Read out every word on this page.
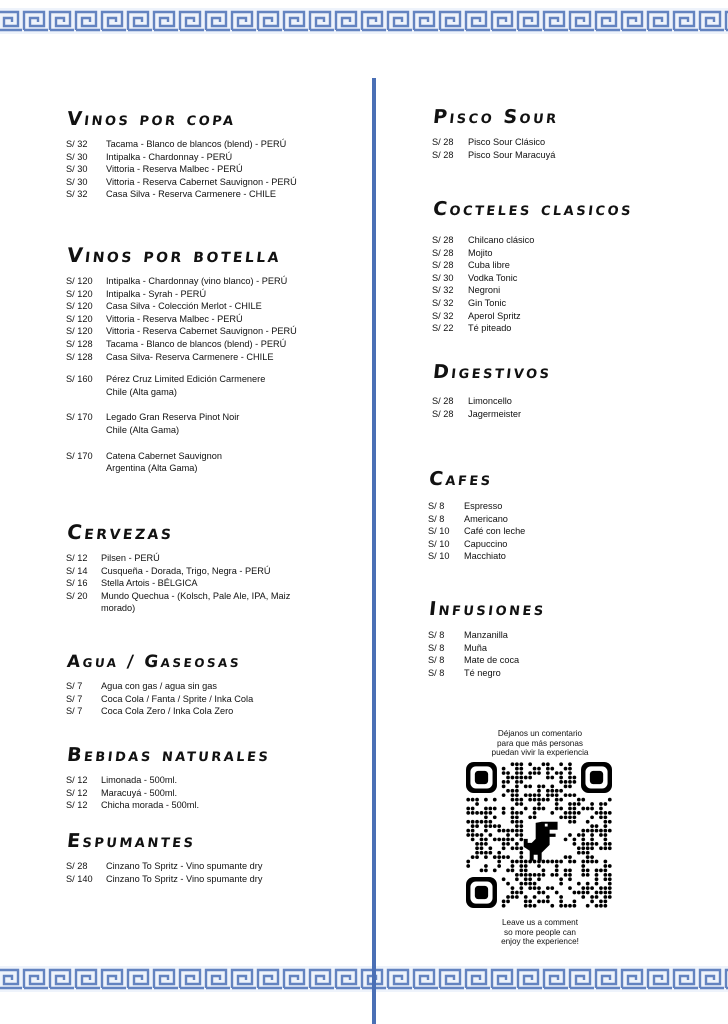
Vinos por copa
S/ 32	Tacama - Blanco de blancos (blend) - PERÚ
S/ 30	Intipalka - Chardonnay - PERÚ
S/ 30	Vittoria - Reserva Malbec - PERÚ
S/ 30	Vittoria - Reserva Cabernet Sauvignon - PERÚ
S/ 32	Casa Silva - Reserva Carmenere - CHILE
Vinos por botella
S/ 120	Intipalka - Chardonnay (vino blanco) - PERÚ
S/ 120	Intipalka - Syrah - PERÚ
S/ 120	Casa Silva - Colección Merlot - CHILE
S/ 120	Vittoria - Reserva Malbec - PERÚ
S/ 120	Vittoria - Reserva Cabernet Sauvignon - PERÚ
S/ 128	Tacama - Blanco de blancos (blend) - PERÚ
S/ 128	Casa Silva- Reserva Carmenere - CHILE
S/ 160	Pérez Cruz Limited Edición Carmenere
Chile (Alta gama)
S/ 170	Legado Gran Reserva Pinot Noir
Chile (Alta Gama)
S/ 170	Catena Cabernet Sauvignon
Argentina (Alta Gama)
Cervezas
S/ 12	Pilsen - PERÚ
S/ 14	Cusqueña - Dorada, Trigo, Negra - PERÚ
S/ 16	Stella Artois - BÉLGICA
S/ 20	Mundo Quechua - (Kolsch, Pale Ale, IPA, Maiz morado)
Agua / Gaseosas
S/ 7	Agua con gas / agua sin gas
S/ 7	Coca Cola / Fanta / Sprite / Inka Cola
S/ 7	Coca Cola Zero / Inka Cola Zero
Bebidas naturales
S/ 12	Limonada - 500ml.
S/ 12	Maracuyá - 500ml.
S/ 12	Chicha morada - 500ml.
Espumantes
S/ 28	Cinzano To Spritz - Vino spumante dry
S/ 140	Cinzano To Spritz - Vino spumante dry
Pisco Sour
S/ 28	Pisco Sour Clásico
S/ 28	Pisco Sour Maracuyá
Cocteles clasicos
S/ 28	Chilcano clásico
S/ 28	Mojito
S/ 28	Cuba libre
S/ 30	Vodka Tonic
S/ 32	Negroni
S/ 32	Gin Tonic
S/ 32	Aperol Spritz
S/ 22	Té piteado
Digestivos
S/ 28	Limoncello
S/ 28	Jagermeister
Cafes
S/ 8	Espresso
S/ 8	Americano
S/ 10	Café con leche
S/ 10	Capuccino
S/ 10	Macchiato
Infusiones
S/ 8	Manzanilla
S/ 8	Muña
S/ 8	Mate de coca
S/ 8	Té negro
Déjanos un comentario
para que más personas
puedan vivir la experiencia
Leave us a comment
so more people can
enjoy the experience!
